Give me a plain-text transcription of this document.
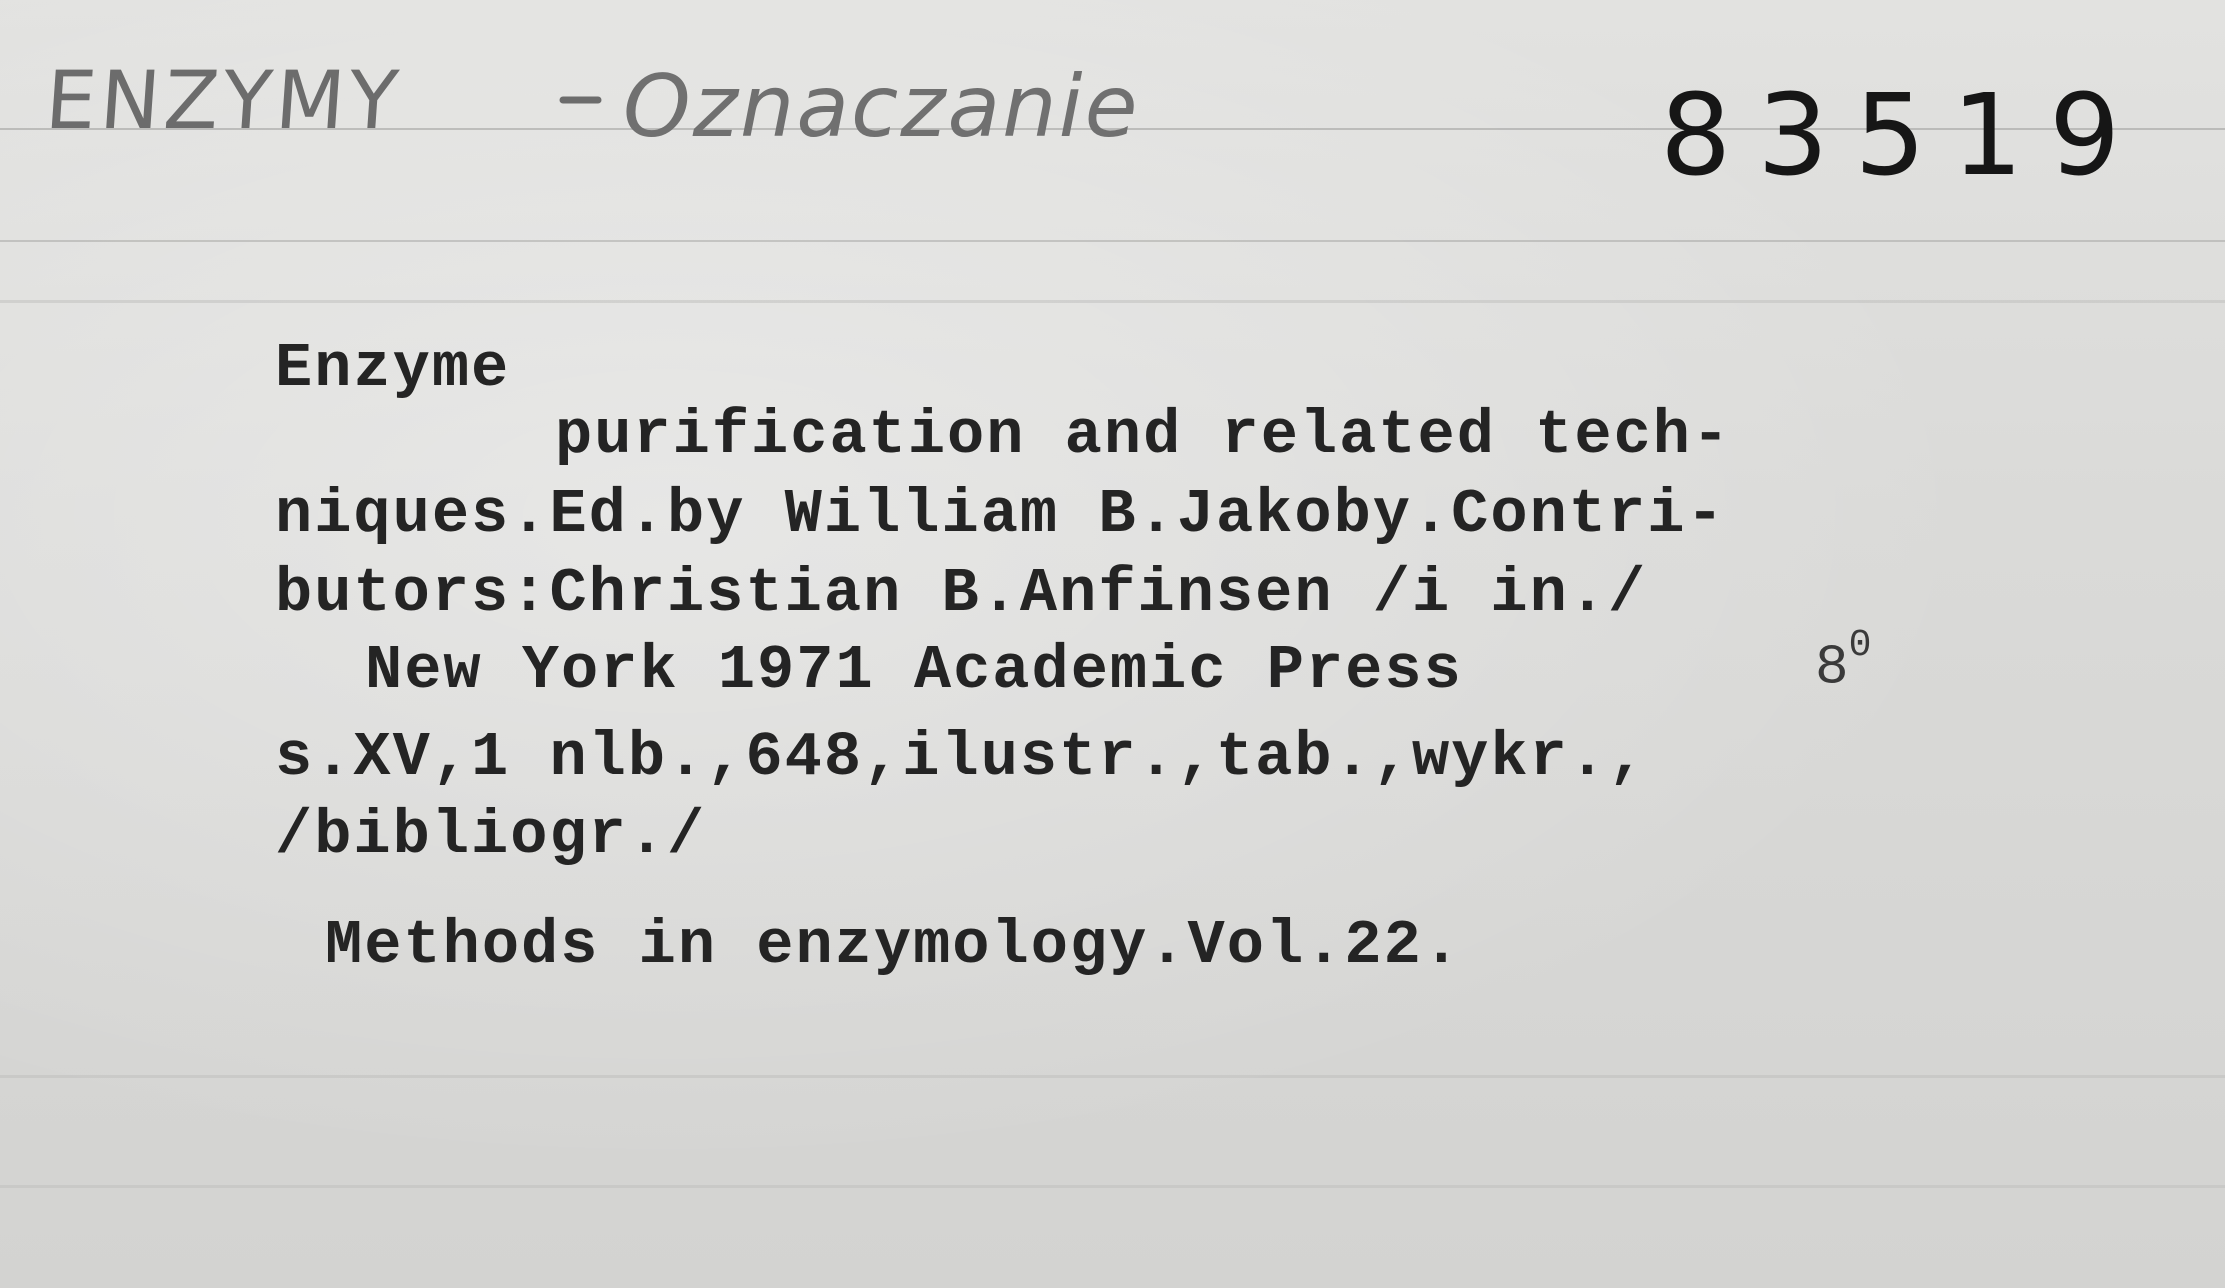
ENZYMY	Oznaczanie	83519
Enzyme
purification and related tech-
niques.Ed.by William B.Jakoby.Contri-
butors:Christian B.Anfinsen /i in./
New York 1971 Academic Press	$8^0$
s.XV,1 nlb.,648,ilustr.,tab.,wykr.,
/bibliogr./
Methods in enzymology.Vol.22.
